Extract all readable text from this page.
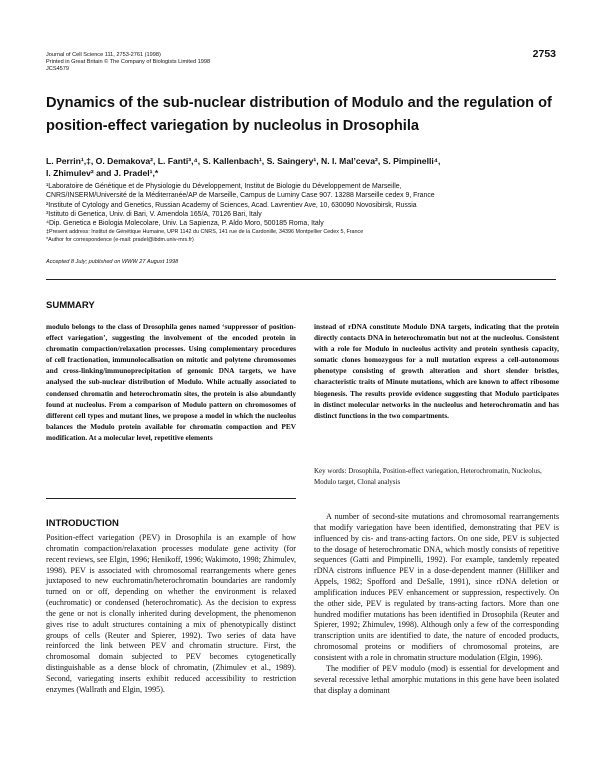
Journal of Cell Science 111, 2753-2761 (1998)
Printed in Great Britain © The Company of Biologists Limited 1998
JCS4579
2753
Dynamics of the sub-nuclear distribution of Modulo and the regulation of position-effect variegation by nucleolus in Drosophila
L. Perrin¹,‡, O. Demakova², L. Fanti³,⁴, S. Kallenbach¹, S. Saingery¹, N. I. Mal’ceva², S. Pimpinelli⁴,
I. Zhimulev² and J. Pradel¹,*
¹Laboratoire de Génétique et de Physiologie du Développement, Institut de Biologie du Développement de Marseille,
CNRS/INSERM/Université de la Méditerranée/AP de Marseille, Campus de Luminy Case 907. 13288 Marseille cedex 9, France
²Institute of Cytology and Genetics, Russian Academy of Sciences, Acad. Lavrentiev Ave, 10, 630090 Novosibirsk, Russia
³Istituto di Genetica, Univ. di Bari, V. Amendola 165/A, 70126 Bari, Italy
⁴Dip. Genetica e Biologia Molecolare, Univ. La Sapienza, P. Aldo Moro, 500185 Roma, Italy
‡Present address: Institut de Génétique Humaine, UPR 1142 du CNRS, 141 rue de la Cardonille, 34396 Montpellier Cedex 5, France
*Author for correspondence (e-mail: pradel@ibdm.univ-mrs.fr)
Accepted 8 July; published on WWW 27 August 1998
SUMMARY
modulo belongs to the class of Drosophila genes named ‘suppressor of position-effect variegation’, suggesting the involvement of the encoded protein in chromatin compaction/relaxation processes. Using complementary procedures of cell fractionation, immunolocalisation on mitotic and polytene chromosomes and cross-linking/immunoprecipitation of genomic DNA targets, we have analysed the sub-nuclear distribution of Modulo. While actually associated to condensed chromatin and heterochromatin sites, the protein is also abundantly found at nucleolus. From a comparison of Modulo pattern on chromosomes of different cell types and mutant lines, we propose a model in which the nucleolus balances the Modulo protein available for chromatin compaction and PEV modification. At a molecular level, repetitive elements
instead of rDNA constitute Modulo DNA targets, indicating that the protein directly contacts DNA in heterochromatin but not at the nucleolus. Consistent with a role for Modulo in nucleolus activity and protein synthesis capacity, somatic clones homozygous for a null mutation express a cell-autonomous phenotype consisting of growth alteration and short slender bristles, characteristic traits of Minute mutations, which are known to affect ribosome biogenesis. The results provide evidence suggesting that Modulo participates in distinct molecular networks in the nucleolus and heterochromatin and has distinct functions in the two compartments.
Key words: Drosophila, Position-effect variegation, Heterochromatin, Nucleolus, Modulo target, Clonal analysis
INTRODUCTION
Position-effect variegation (PEV) in Drosophila is an example of how chromatin compaction/relaxation processes modulate gene activity (for recent reviews, see Elgin, 1996; Henikoff, 1996; Wakimoto, 1998; Zhimulev, 1998). PEV is associated with chromosomal rearrangements where genes juxtaposed to new euchromatin/heterochromatin boundaries are randomly turned on or off, depending on whether the environment is relaxed (euchromatic) or condensed (heterochromatic). As the decision to express the gene or not is clonally inherited during development, the phenomenon gives rise to adult structures containing a mix of phenotypically distinct groups of cells (Reuter and Spierer, 1992). Two series of data have reinforced the link between PEV and chromatin structure. First, the chromosomal domain subjected to PEV becomes cytogenetically distinguishable as a dense block of chromatin, (Zhimulev et al., 1989). Second, variegating inserts exhibit reduced accessibility to restriction enzymes (Wallrath and Elgin, 1995).
A number of second-site mutations and chromosomal rearrangements that modify variegation have been identified, demonstrating that PEV is influenced by cis- and trans-acting factors. On one side, PEV is subjected to the dosage of heterochromatic DNA, which mostly consists of repetitive sequences (Gatti and Pimpinelli, 1992). For example, tandemly repeated rDNA cistrons influence PEV in a dose-dependent manner (Hilliker and Appels, 1982; Spofford and DeSalle, 1991), since rDNA deletion or amplification induces PEV enhancement or suppression, respectively. On the other side, PEV is regulated by trans-acting factors. More than one hundred modifier mutations has been identified in Drosophila (Reuter and Spierer, 1992; Zhimulev, 1998). Although only a few of the corresponding transcription units are identified to date, the nature of encoded products, chromosomal proteins or modifiers of chromosomal proteins, are consistent with a role in chromatin structure modulation (Elgin, 1996).
The modifier of PEV modulo (mod) is essential for development and several recessive lethal amorphic mutations in this gene have been isolated that display a dominant
